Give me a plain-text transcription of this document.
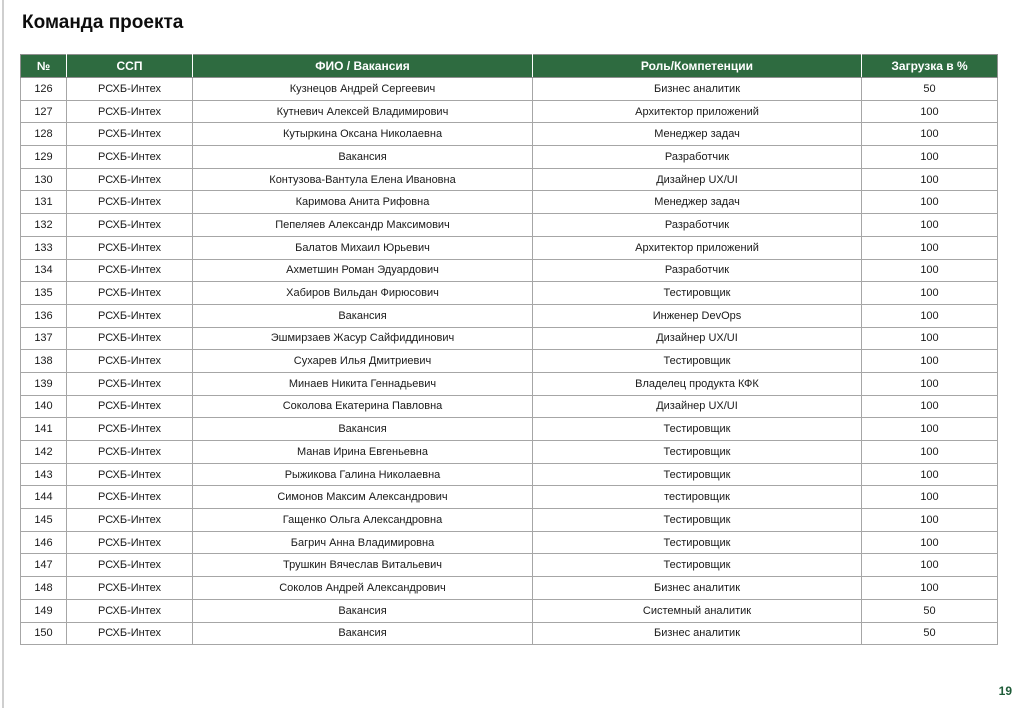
Команда проекта
№	ССП	ФИО / Вакансия	Роль/Компетенции	Загрузка в %
126	РСХБ-Интех	Кузнецов Андрей Сергеевич	Бизнес аналитик	50
127	РСХБ-Интех	Кутневич Алексей Владимирович	Архитектор приложений	100
128	РСХБ-Интех	Кутыркина Оксана Николаевна	Менеджер задач	100
129	РСХБ-Интех	Вакансия	Разработчик	100
130	РСХБ-Интех	Контузова-Вантула Елена Ивановна	Дизайнер UX/UI	100
131	РСХБ-Интех	Каримова Анита Рифовна	Менеджер задач	100
132	РСХБ-Интех	Пепеляев Александр Максимович	Разработчик	100
133	РСХБ-Интех	Балатов Михаил Юрьевич	Архитектор приложений	100
134	РСХБ-Интех	Ахметшин Роман Эдуардович	Разработчик	100
135	РСХБ-Интех	Хабиров Вильдан Фирюсович	Тестировщик	100
136	РСХБ-Интех	Вакансия	Инженер DevOps	100
137	РСХБ-Интех	Эшмирзаев Жасур Сайфиддинович	Дизайнер UX/UI	100
138	РСХБ-Интех	Сухарев Илья Дмитриевич	Тестировщик	100
139	РСХБ-Интех	Минаев Никита Геннадьевич	Владелец продукта КФК	100
140	РСХБ-Интех	Соколова Екатерина Павловна	Дизайнер UX/UI	100
141	РСХБ-Интех	Вакансия	Тестировщик	100
142	РСХБ-Интех	Манав Ирина Евгеньевна	Тестировщик	100
143	РСХБ-Интех	Рыжикова Галина Николаевна	Тестировщик	100
144	РСХБ-Интех	Симонов Максим Александрович	тестировщик	100
145	РСХБ-Интех	Гащенко Ольга Александровна	Тестировщик	100
146	РСХБ-Интех	Багрич Анна Владимировна	Тестировщик	100
147	РСХБ-Интех	Трушкин Вячеслав Витальевич	Тестировщик	100
148	РСХБ-Интех	Соколов Андрей Александрович	Бизнес аналитик	100
149	РСХБ-Интех	Вакансия	Системный аналитик	50
150	РСХБ-Интех	Вакансия	Бизнес аналитик	50
19
